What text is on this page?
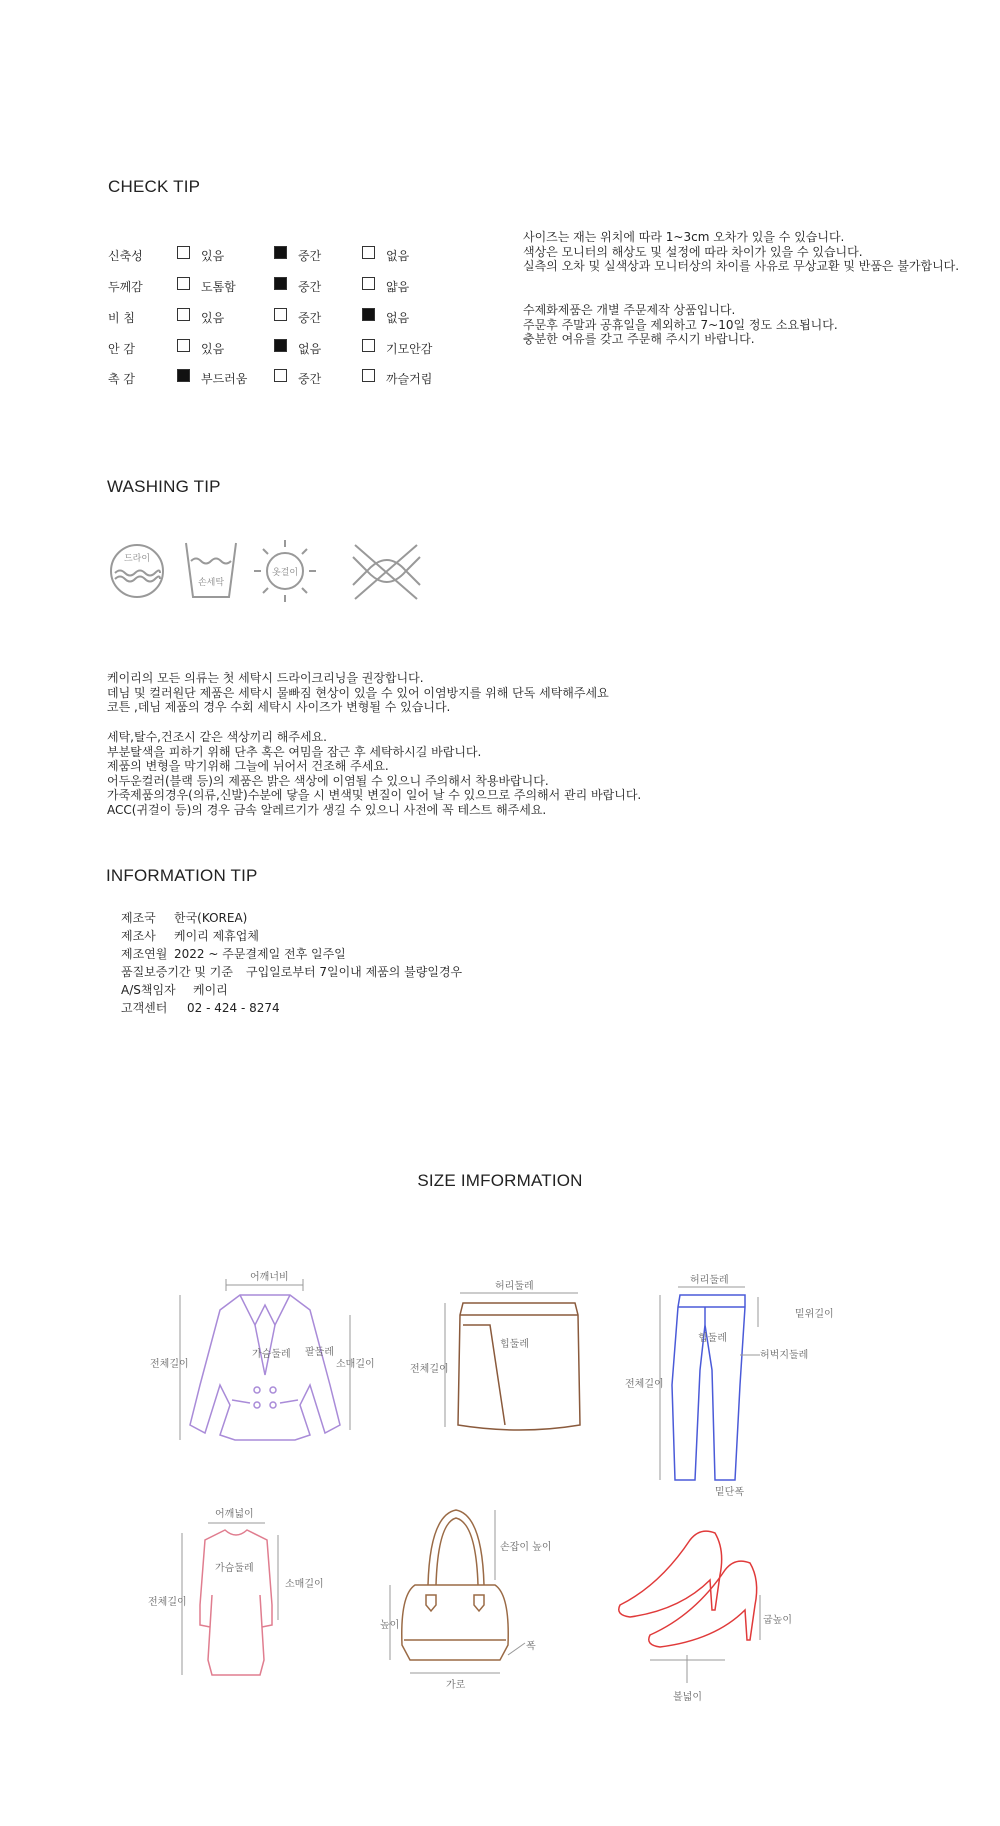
CHECK TIP
신축성	있음	중간	없음
두께감	도톰함	중간	얇음
비 침	있음	중간	없음
안 감	있음	없음	기모안감
촉 감	부드러움	중간	까슬거림
사이즈는 재는 위치에 따라 1~3cm 오차가 있을 수 있습니다.
색상은 모니터의 해상도 및 설정에 따라 차이가 있을 수 있습니다.
실측의 오차 및 실색상과 모니터상의 차이를 사유로 무상교환 및 반품은 불가합니다.
수제화제품은 개별 주문제작 상품입니다.
주문후 주말과 공휴일을 제외하고 7~10일 정도 소요됩니다.
충분한 여유를 갖고 주문해 주시기 바랍니다.
WASHING TIP
드라이
손세탁
옷걸이
케이리의 모든 의류는 첫 세탁시 드라이크리닝을 권장합니다.
데님 및 컬러원단 제품은 세탁시 물빠짐 현상이 있을 수 있어 이염방지를 위해 단독 세탁해주세요
코튼 ,데님 제품의 경우 수회 세탁시 사이즈가 변형될 수 있습니다.
세탁,탈수,건조시 같은 색상끼리 해주세요.
부분탈색을 피하기 위해 단추 혹은 여밈을 잠근 후 세탁하시길 바랍니다.
제품의 변형을 막기위해 그늘에 뉘어서 건조해 주세요.
어두운컬러(블랙 등)의 제품은 밝은 색상에 이염될 수 있으니 주의해서 착용바랍니다.
가죽제품의경우(의류,신발)수분에 닿을 시 변색및 변질이 일어 날 수 있으므로 주의해서 관리 바랍니다.
ACC(귀걸이 등)의 경우 금속 알레르기가 생길 수 있으니 사전에 꼭 테스트 해주세요.
INFORMATION TIP
제조국 한국(KOREA)
제조사 케이리 제휴업체
제조연월 2022 ~ 주문결제일 전후 일주일
품질보증기간 및 기준 구입일로부터 7일이내 제품의 불량일경우
A/S책임자 케이리
고객센터 02 - 424 - 8274
SIZE IMFORMATION
어깨너비
가슴둘레 팔둘레
소매길이
전체길이
허리둘레
힙둘레
전체길이
허리둘레
힙둘레
밑위길이
허벅지둘레
전체길이
밑단폭
어깨넓이
가슴둘레
소매길이
전체길이
손잡이 높이
높이
가로
폭
굽높이
볼넓이
